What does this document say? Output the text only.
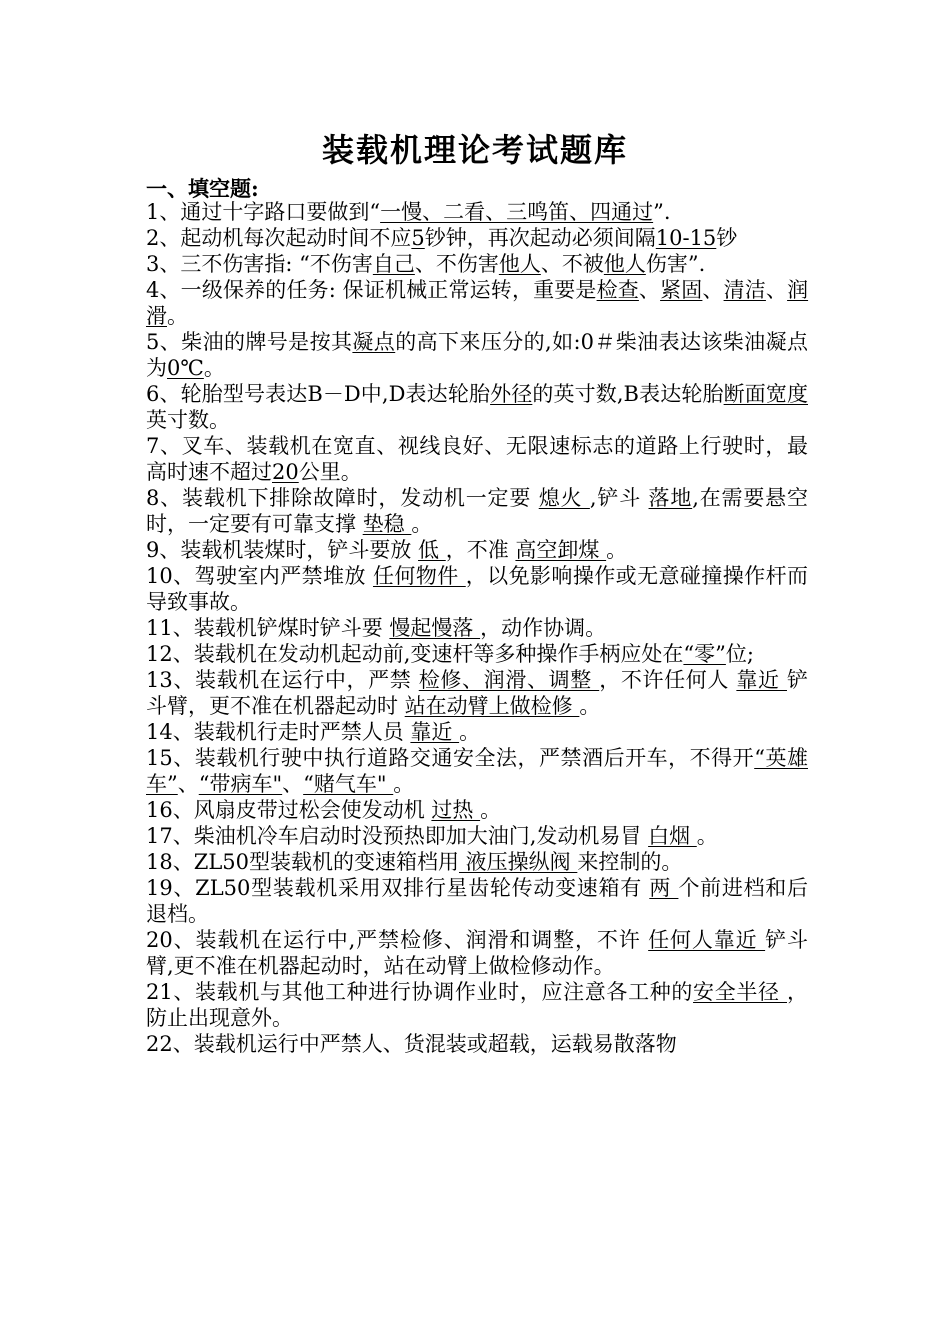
装载机理论考试题库
一、填空题:

1、通过十字路口要做到“一慢、二看、三鸣笛、四通过”.

2、起动机每次起动时间不应5钞钟，再次起动必须间隔10-15钞

3、三不伤害指: “不伤害自己、不伤害他人、不被他人伤害”.

4、一级保养的任务: 保证机械正常运转，重要是检查、紧固、清洁、润滑。

5、柴油的牌号是按其凝点的高下来压分的,如:0＃柴油表达该柴油凝点为0℃。

6、轮胎型号表达B－D中,D表达轮胎外径的英寸数,B表达轮胎断面宽度英寸数。

7、叉车、装载机在宽直、视线良好、无限速标志的道路上行驶时，最高时速不超过20公里。

8、装载机下排除故障时，发动机一定要 熄火 ,铲斗 落地,在需要悬空时，一定要有可靠支撑 垫稳 。

9、装载机装煤时，铲斗要放 低 ，不准 高空卸煤 。

10、驾驶室内严禁堆放 任何物件 ，以免影响操作或无意碰撞操作杆而导致事故。

11、装载机铲煤时铲斗要 慢起慢落 ，动作协调。

12、装载机在发动机起动前,变速杆等多种操作手柄应处在“零”位;

13、装载机在运行中，严禁 检修、润滑、调整 ，不许任何人 靠近 铲斗臂，更不准在机器起动时 站在动臂上做检修 。

14、装载机行走时严禁人员 靠近 。

15、装载机行驶中执行道路交通安全法，严禁酒后开车，不得开“英雄车”、“带病车"、“赌气车" 。

16、风扇皮带过松会使发动机 过热 。

17、柴油机冷车启动时没预热即加大油门,发动机易冒 白烟 。

18、ZL50型装载机的变速箱档用 液压操纵阀 来控制的。

19、ZL50型装载机采用双排行星齿轮传动变速箱有 两 个前进档和后退档。

20、装载机在运行中,严禁检修、润滑和调整，不许 任何人靠近 铲斗臂,更不准在机器起动时，站在动臂上做检修动作。

21、装载机与其他工种进行协调作业时，应注意各工种的安全半径 ，防止出现意外。

22、装载机运行中严禁人、货混装或超载，运载易散落物
